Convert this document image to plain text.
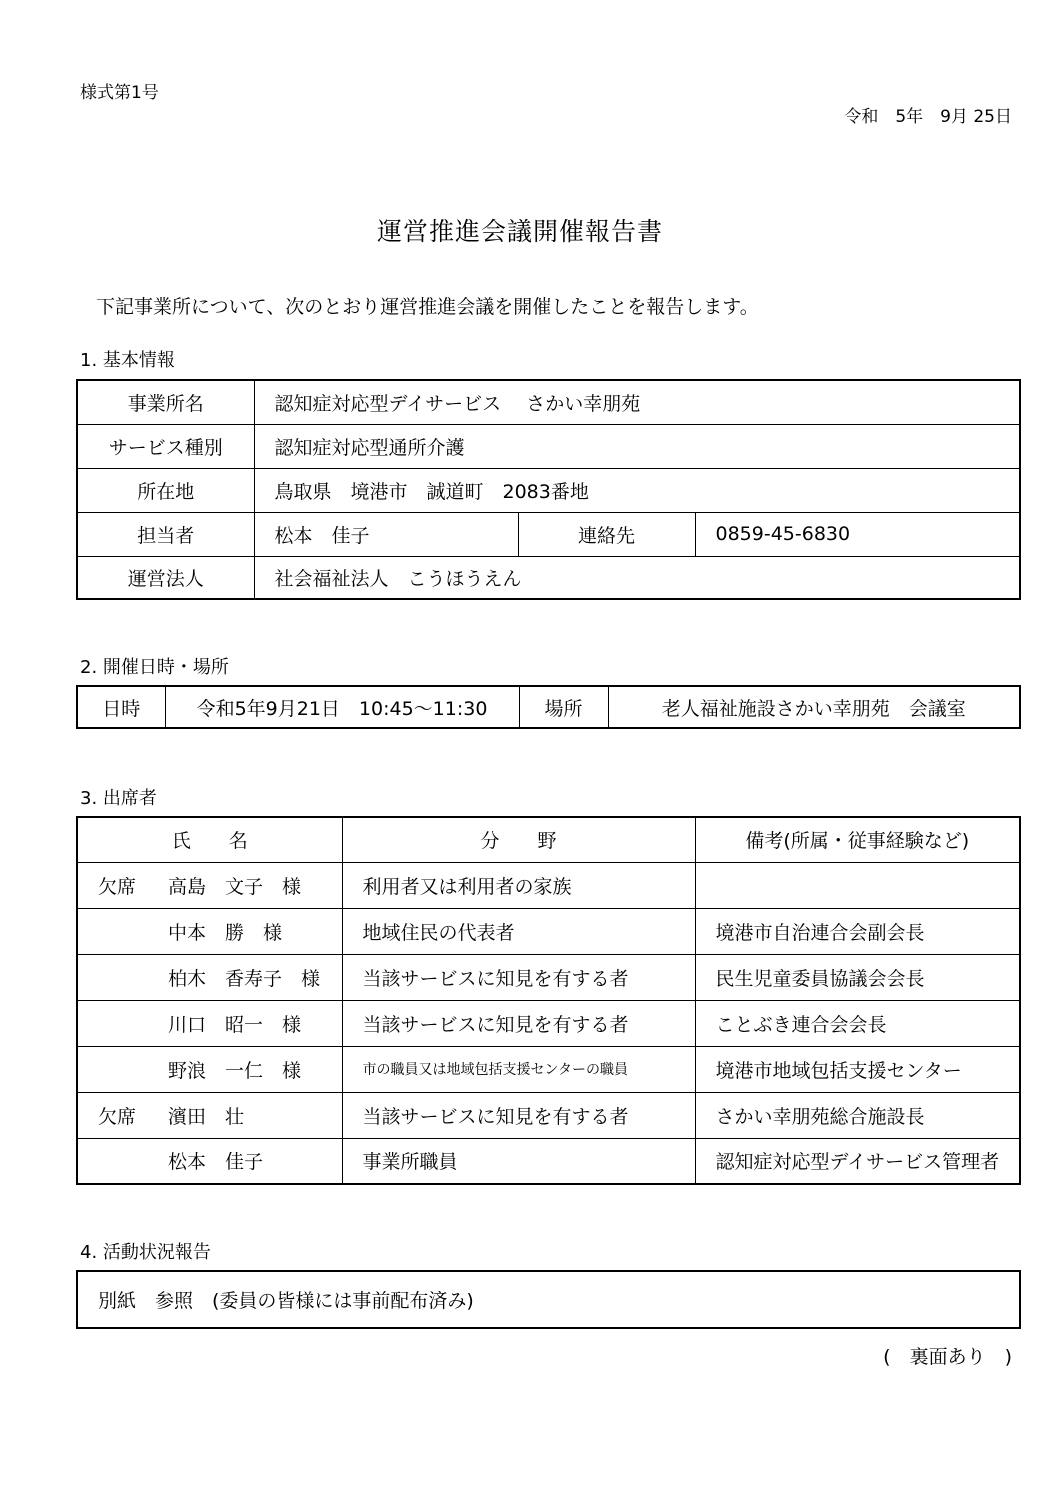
様式第1号
令和　5年　9月 25日
運営推進会議開催報告書
下記事業所について、次のとおり運営推進会議を開催したことを報告します。
1. 基本情報
事業所名	認知症対応型デイサービス　 さかい幸朋苑		
サービス種別	認知症対応型通所介護		
所在地	鳥取県　境港市　誠道町　2083番地		
担当者	松本　佳子	連絡先	0859-45-6830
運営法人	社会福祉法人　こうほうえん		
2. 開催日時・場所
日時	令和5年9月21日　10:45～11:30	場所	老人福祉施設さかい幸朋苑　会議室
3. 出席者
氏　　名	分　　野	備考(所属・従事経験など)
欠席 高島　文子　様	利用者又は利用者の家族	
中本　勝　様	地域住民の代表者	境港市自治連合会副会長
柏木　香寿子　様	当該サービスに知見を有する者	民生児童委員協議会会長
川口　昭一　様	当該サービスに知見を有する者	ことぶき連合会会長
野浪　一仁　様	市の職員又は地域包括支援センターの職員	境港市地域包括支援センター
欠席 濱田　壮	当該サービスに知見を有する者	さかい幸朋苑総合施設長
松本　佳子	事業所職員	認知症対応型デイサービス管理者
4. 活動状況報告
別紙　参照　(委員の皆様には事前配布済み)
(　裏面あり　)
